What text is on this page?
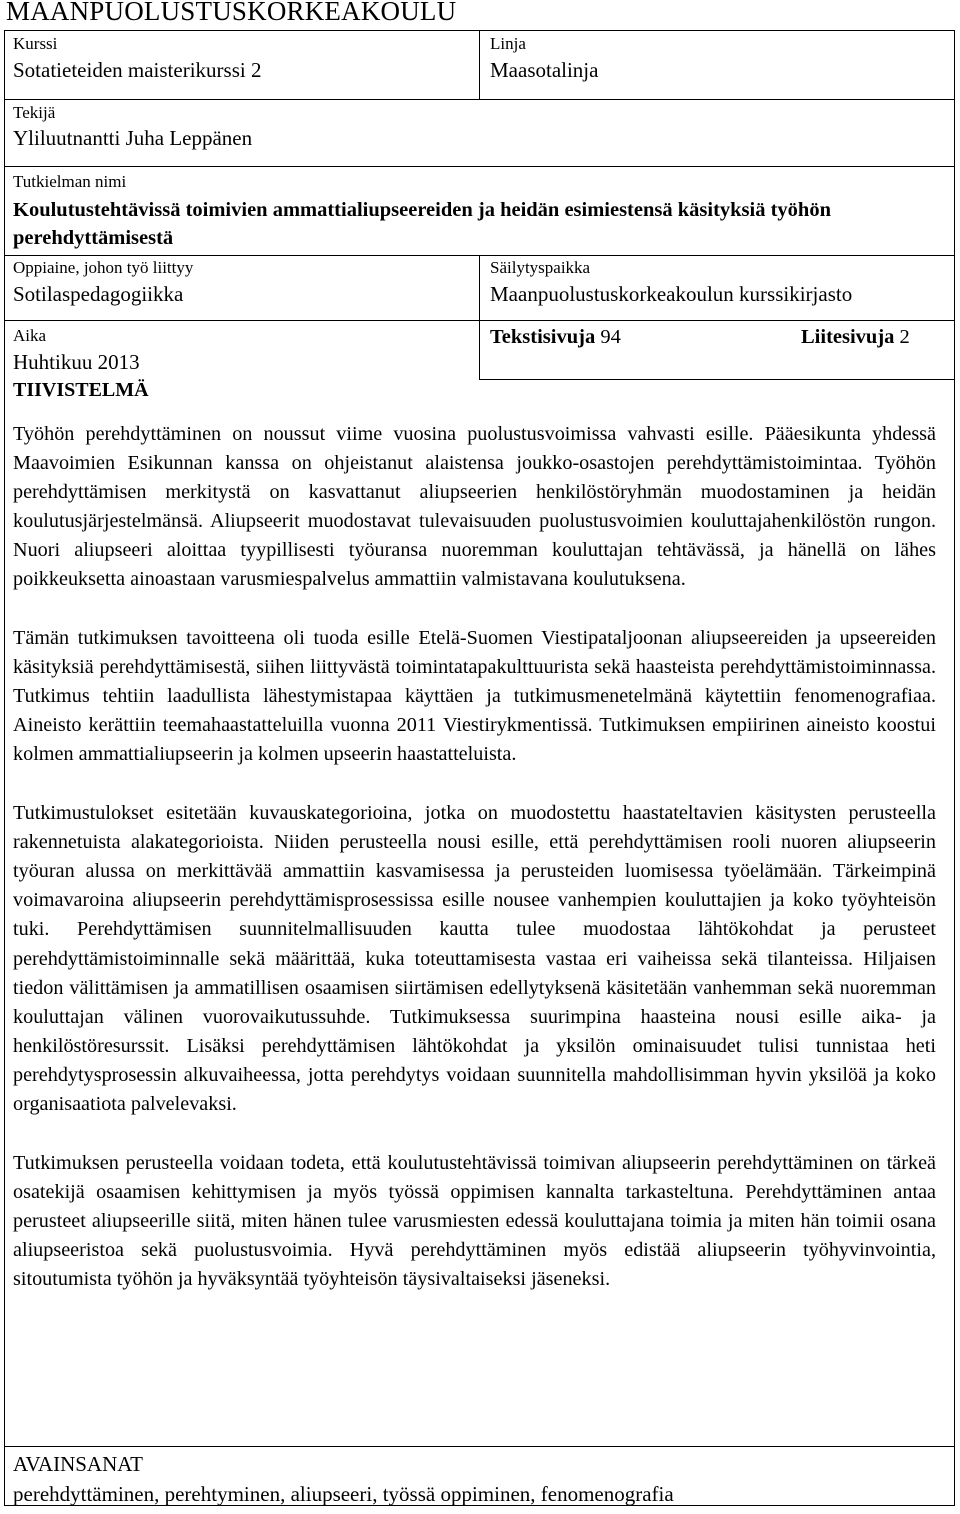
MAANPUOLUSTUSKORKEAKOULU
Kurssi
Sotatieteiden maisterikurssi 2
Linja
Maasotalinja
Tekijä
Yliluutnantti Juha Leppänen
Tutkielman nimi
Koulutustehtävissä toimivien ammattialiupseereiden ja heidän esimiestensä käsityksiä työhön perehdyttämisestä
Oppiaine, johon työ liittyy
Sotilaspedagogiikka
Säilytyspaikka
Maanpuolustuskorkeakoulun kurssikirjasto
Aika
Huhtikuu 2013
Tekstisivuja 94	Liitesivuja 2
TIIVISTELMÄ

Työhön perehdyttäminen on noussut viime vuosina puolustusvoimissa vahvasti esille. Pääesikunta yhdessä Maavoimien Esikunnan kanssa on ohjeistanut alaistensa joukko-osastojen perehdyttämistoimintaa. Työhön perehdyttämisen merkitystä on kasvattanut aliupseerien henkilöstöryhmän muodostaminen ja heidän koulutusjärjestelmänsä. Aliupseerit muodostavat tulevaisuuden puolustusvoimien kouluttajahenkilöstön rungon. Nuori aliupseeri aloittaa tyypillisesti työuransa nuoremman kouluttajan tehtävässä, ja hänellä on lähes poikkeuksetta ainoastaan varusmiespalvelus ammattiin valmistavana koulutuksena.

Tämän tutkimuksen tavoitteena oli tuoda esille Etelä-Suomen Viestipataljoonan aliupseereiden ja upseereiden käsityksiä perehdyttämisestä, siihen liittyvästä toimintatapakulttuurista sekä haasteista perehdyttämistoiminnassa. Tutkimus tehtiin laadullista lähestymistapaa käyttäen ja tutkimusmenetelmänä käytettiin fenomenografiaa. Aineisto kerättiin teemahaastatteluilla vuonna 2011 Viestirykmentissä. Tutkimuksen empiirinen aineisto koostui kolmen ammattialiupseerin ja kolmen upseerin haastatteluista.

Tutkimustulokset esitetään kuvauskategorioina, jotka on muodostettu haastateltavien käsitysten perusteella rakennetuista alakategorioista. Niiden perusteella nousi esille, että perehdyttämisen rooli nuoren aliupseerin työuran alussa on merkittävää ammattiin kasvamisessa ja perusteiden luomisessa työelämään. Tärkeimpinä voimavaroina aliupseerin perehdyttämisprosessissa esille nousee vanhempien kouluttajien ja koko työyhteisön tuki. Perehdyttämisen suunnitelmallisuuden kautta tulee muodostaa lähtökohdat ja perusteet perehdyttämistoiminnalle sekä määrittää, kuka toteuttamisesta vastaa eri vaiheissa sekä tilanteissa. Hiljaisen tiedon välittämisen ja ammatillisen osaamisen siirtämisen edellytyksenä käsitetään vanhemman sekä nuoremman kouluttajan välinen vuorovaikutussuhde. Tutkimuksessa suurimpina haasteina nousi esille aika- ja henkilöstöresurssit. Lisäksi perehdyttämisen lähtökohdat ja yksilön ominaisuudet tulisi tunnistaa heti perehdytysprosessin alkuvaiheessa, jotta perehdytys voidaan suunnitella mahdollisimman hyvin yksilöä ja koko organisaatiota palvelevaksi.

Tutkimuksen perusteella voidaan todeta, että koulutustehtävissä toimivan aliupseerin perehdyttäminen on tärkeä osatekijä osaamisen kehittymisen ja myös työssä oppimisen kannalta tarkasteltuna. Perehdyttäminen antaa perusteet aliupseerille siitä, miten hänen tulee varusmiesten edessä kouluttajana toimia ja miten hän toimii osana aliupseeristoa sekä puolustusvoimia. Hyvä perehdyttäminen myös edistää aliupseerin työhyvinvointia, sitoutumista työhön ja hyväksyntää työyhteisön täysivaltaiseksi jäseneksi.

AVAINSANAT
perehdyttäminen, perehtyminen, aliupseeri, työssä oppiminen, fenomenografia
